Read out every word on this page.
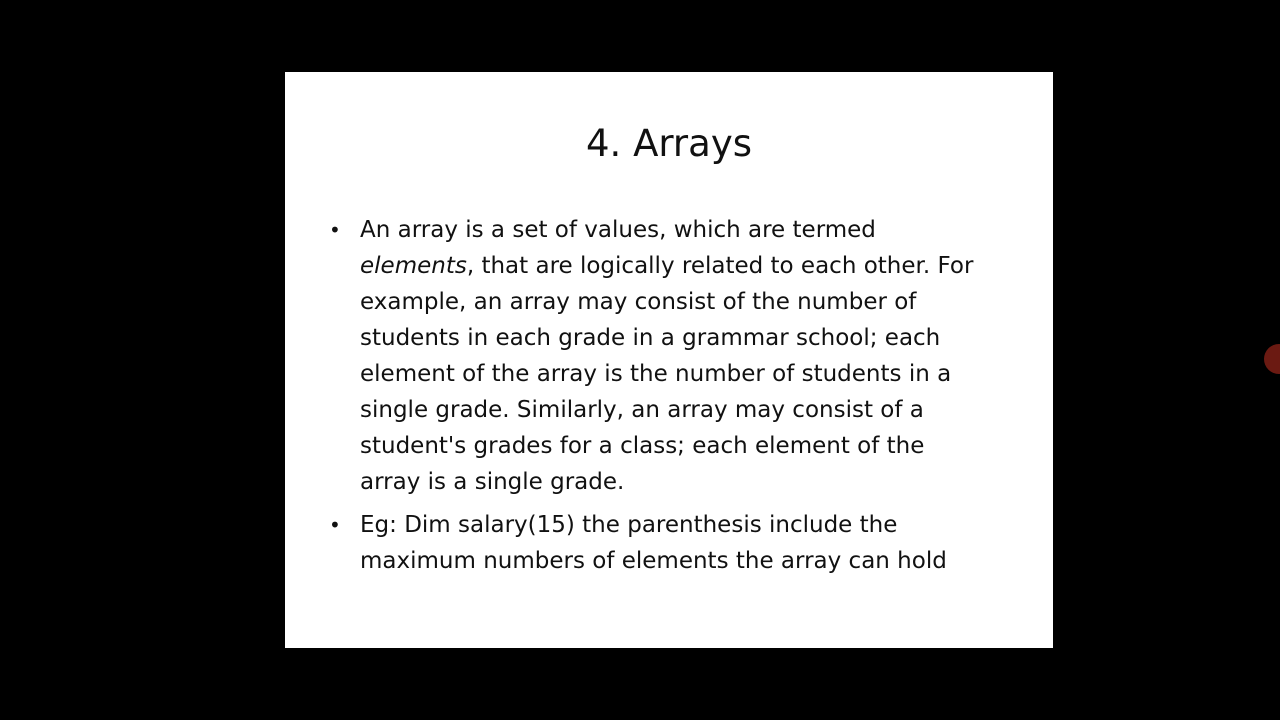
4. Arrays
• An array is a set of values, which are termed elements, that are logically related to each other. For example, an array may consist of the number of students in each grade in a grammar school; each element of the array is the number of students in a single grade. Similarly, an array may consist of a student's grades for a class; each element of the array is a single grade.
• Eg: Dim salary(15) the parenthesis include the maximum numbers of elements the array can hold
